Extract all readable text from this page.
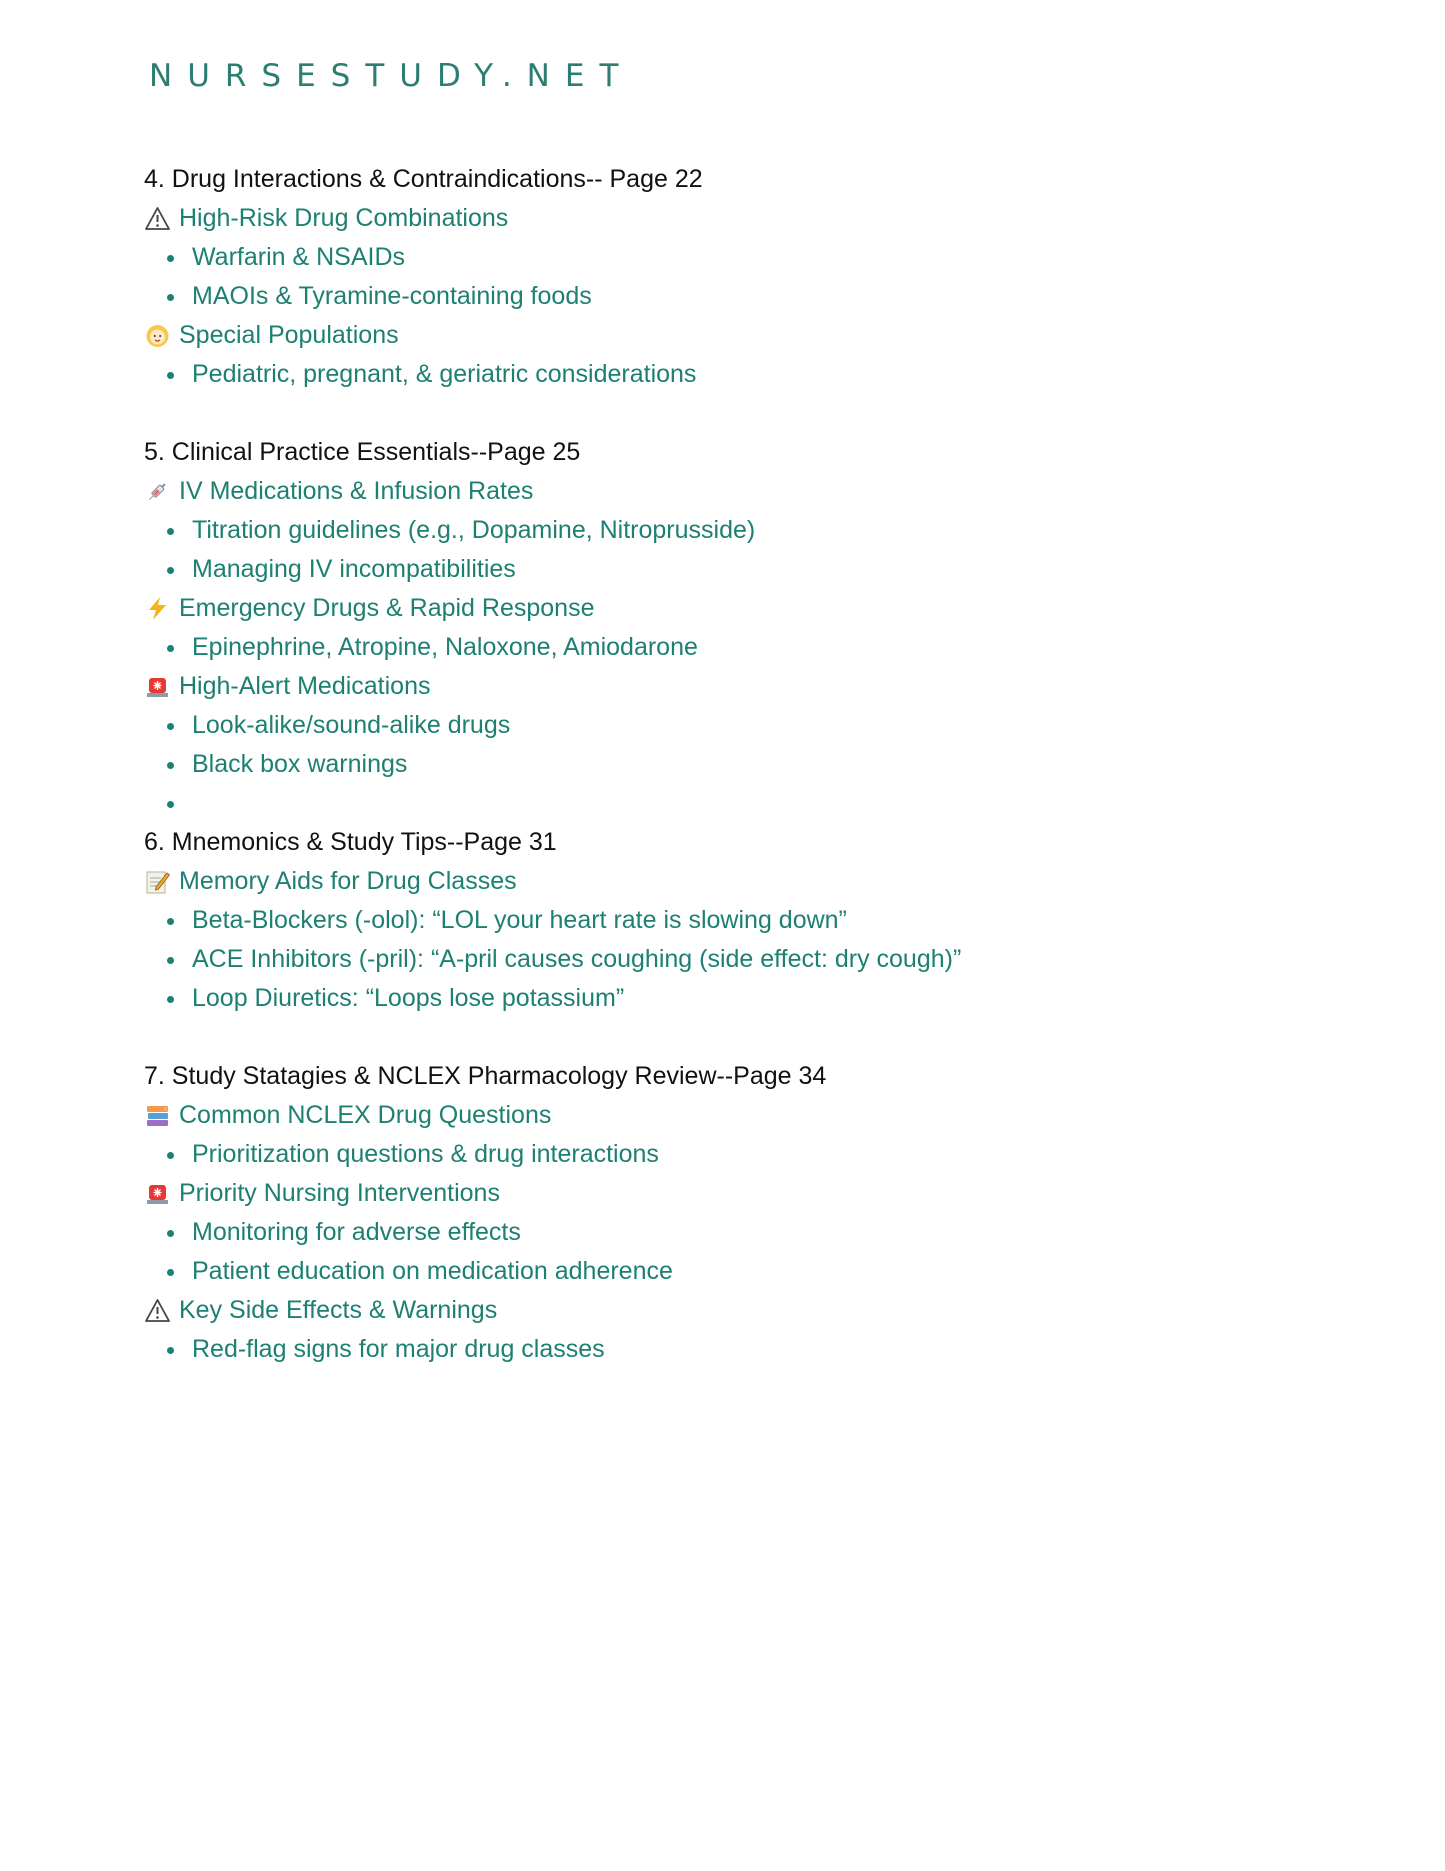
NURSESTUDY.NET
4. Drug Interactions & Contraindications-- Page 22
High-Risk Drug Combinations
Warfarin & NSAIDs
MAOIs & Tyramine-containing foods
Special Populations
Pediatric, pregnant, & geriatric considerations
5. Clinical Practice Essentials--Page 25
IV Medications & Infusion Rates
Titration guidelines (e.g., Dopamine, Nitroprusside)
Managing IV incompatibilities
Emergency Drugs & Rapid Response
Epinephrine, Atropine, Naloxone, Amiodarone
High-Alert Medications
Look-alike/sound-alike drugs
Black box warnings
6. Mnemonics & Study Tips--Page 31
Memory Aids for Drug Classes
Beta-Blockers (-olol): “LOL your heart rate is slowing down”
ACE Inhibitors (-pril): “A-pril causes coughing (side effect: dry cough)”
Loop Diuretics: “Loops lose potassium”
7. Study Statagies & NCLEX Pharmacology Review--Page 34
Common NCLEX Drug Questions
Prioritization questions & drug interactions
Priority Nursing Interventions
Monitoring for adverse effects
Patient education on medication adherence
Key Side Effects & Warnings
Red-flag signs for major drug classes
